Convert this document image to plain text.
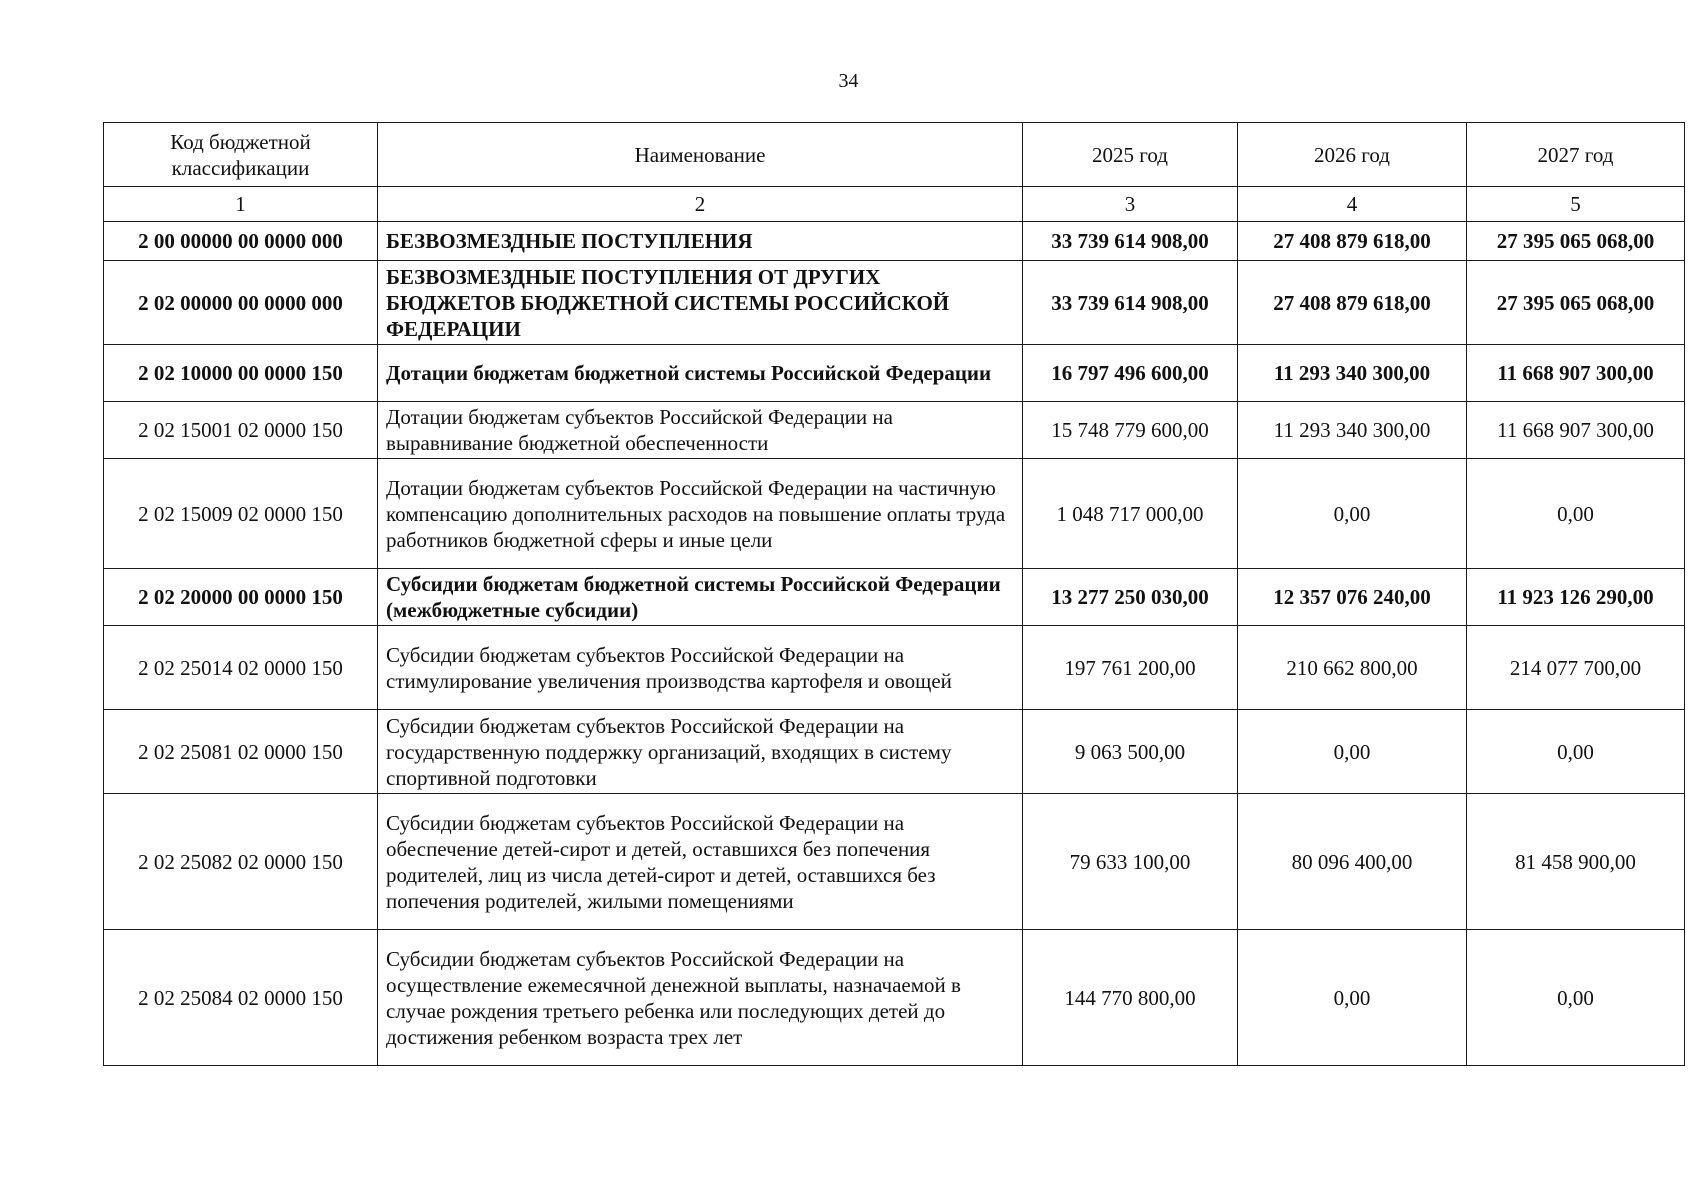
34
Код бюджетной классификации	Наименование	2025 год	2026 год	2027 год
1	2	3	4	5
2 00 00000 00 0000 000	БЕЗВОЗМЕЗДНЫЕ ПОСТУПЛЕНИЯ	33 739 614 908,00	27 408 879 618,00	27 395 065 068,00
2 02 00000 00 0000 000	БЕЗВОЗМЕЗДНЫЕ ПОСТУПЛЕНИЯ ОТ ДРУГИХ БЮДЖЕТОВ БЮДЖЕТНОЙ СИСТЕМЫ РОССИЙСКОЙ ФЕДЕРАЦИИ	33 739 614 908,00	27 408 879 618,00	27 395 065 068,00
2 02 10000 00 0000 150	Дотации бюджетам бюджетной системы Российской Федерации	16 797 496 600,00	11 293 340 300,00	11 668 907 300,00
2 02 15001 02 0000 150	Дотации бюджетам субъектов Российской Федерации на выравнивание бюджетной обеспеченности	15 748 779 600,00	11 293 340 300,00	11 668 907 300,00
2 02 15009 02 0000 150	Дотации бюджетам субъектов Российской Федерации на частичную компенсацию дополнительных расходов на повышение оплаты труда работников бюджетной сферы и иные цели	1 048 717 000,00	0,00	0,00
2 02 20000 00 0000 150	Субсидии бюджетам бюджетной системы Российской Федерации (межбюджетные субсидии)	13 277 250 030,00	12 357 076 240,00	11 923 126 290,00
2 02 25014 02 0000 150	Субсидии бюджетам субъектов Российской Федерации на стимулирование увеличения производства картофеля и овощей	197 761 200,00	210 662 800,00	214 077 700,00
2 02 25081 02 0000 150	Субсидии бюджетам субъектов Российской Федерации на государственную поддержку организаций, входящих в систему спортивной подготовки	9 063 500,00	0,00	0,00
2 02 25082 02 0000 150	Субсидии бюджетам субъектов Российской Федерации на обеспечение детей-сирот и детей, оставшихся без попечения родителей, лиц из числа детей-сирот и детей, оставшихся без попечения родителей, жилыми помещениями	79 633 100,00	80 096 400,00	81 458 900,00
2 02 25084 02 0000 150	Субсидии бюджетам субъектов Российской Федерации на осуществление ежемесячной денежной выплаты, назначаемой в случае рождения третьего ребенка или последующих детей до достижения ребенком возраста трех лет	144 770 800,00	0,00	0,00
